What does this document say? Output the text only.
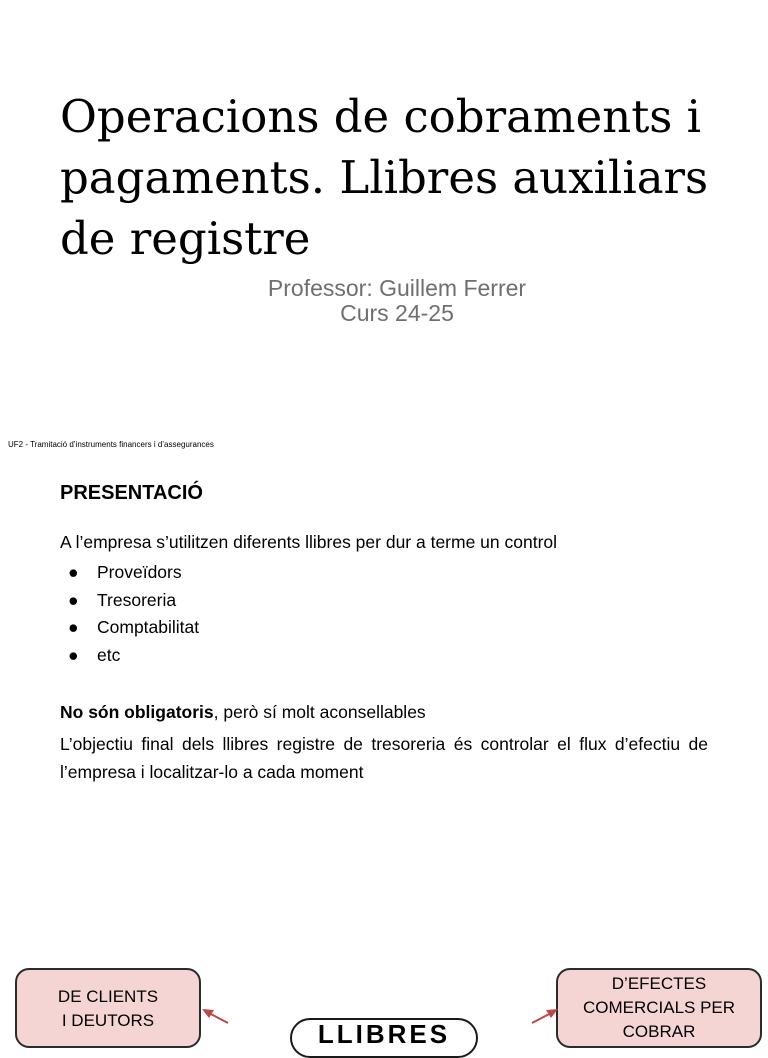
Operacions de cobraments i pagaments. Llibres auxiliars de registre
Professor: Guillem Ferrer
Curs 24-25
UF2 - Tramitació d’instruments financers i d’assegurances
PRESENTACIÓ
A l’empresa s’utilitzen diferents llibres per dur a terme un control
● Proveïdors
● Tresoreria
● Comptabilitat
● etc
No són obligatoris, però sí molt aconsellables
L’objectiu final dels llibres registre de tresoreria és controlar el flux d’efectiu de l’empresa i localitzar-lo a cada moment
DE CLIENTS
I DEUTORS
D’EFECTES
COMERCIALS PER
COBRAR
LLIBRES
